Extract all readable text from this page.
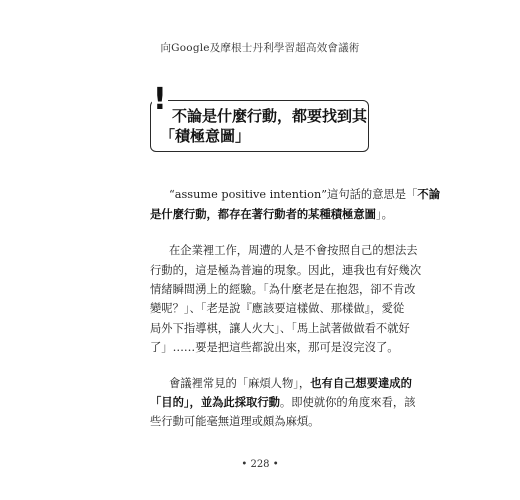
向Google及摩根士丹利學習超高效會議術
! 不論是什麼行動，都要找到其
「積極意圖」
“assume positive intention”這句話的意思是「不論
是什麼行動，都存在著行動者的某種積極意圖」。
在企業裡工作，周遭的人是不會按照自己的想法去
行動的，這是極為普遍的現象。因此，連我也有好幾次
情緒瞬間湧上的經驗。「為什麼老是在抱怨，卻不肯改
變呢？」、「老是說『應該要這樣做、那樣做』，愛從
局外下指導棋，讓人火大」、「馬上試著做做看不就好
了」……要是把這些都說出來，那可是沒完沒了。
會議裡常見的「麻煩人物」，也有自己想要達成的
「目的」，並為此採取行動。即使就你的角度來看，該
些行動可能毫無道理或頗為麻煩。
• 228 •
